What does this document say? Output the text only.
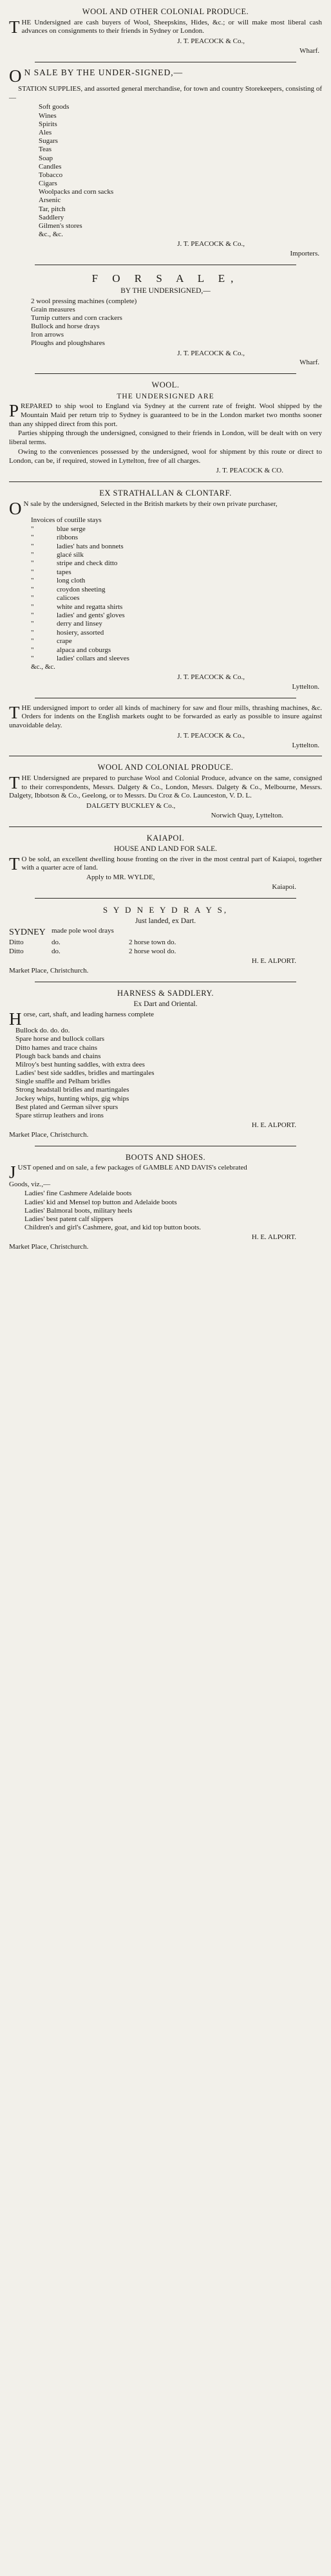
WOOL AND OTHER COLONIAL PRODUCE.

THE Undersigned are cash buyers of Wool, Sheepskins, Hides, &c.; or will make most liberal cash advances on consignments to their friends in Sydney or London.

J. T. PEACOCK & Co.,
Wharf.
O N SALE BY THE UNDER-SIGNED,—

STATION SUPPLIES, and assorted general merchandise, for town and country Storekeepers, consisting of—

Soft goods
Wines
Spirits
Ales
Sugars
Teas
Soap
Candles
Tobacco
Cigars
Woolpacks and corn sacks
Arsenic
Tar, pitch
Saddlery
Gilmen's stores
&c., &c.
J. T. PEACOCK & Co.,
Importers.
F O R S A L E,
BY THE UNDERSIGNED,—
2 wool pressing machines (complete)
Grain measures
Turnip cutters and corn crackers
Bullock and horse drays
Iron arrows
Ploughs and ploughshares
J. T. PEACOCK & Co.,
Wharf.
WOOL.
THE UNDERSIGNED ARE

PREPARED to ship wool to England via Sydney at the current rate of freight. Wool shipped by the Mountain Maid per return trip to Sydney is guaranteed to be in the London market two months sooner than any shipped direct from this port.

Parties shipping through the undersigned, consigned to their friends in London, will be dealt with on very liberal terms.

Owing to the conveniences possessed by the undersigned, wool for shipment by this route or direct to London, can be, if required, stowed in Lyttelton, free of all charges.

J. T. PEACOCK & CO.
EX STRATHALLAN & CLONTARF.

O N sale by the undersigned, Selected in the British markets by their own private purchaser,

Invoices of coutille stays
"	blue serge
"	ribbons
"	ladies' hats and bonnets
"	glacé silk
"	stripe and check ditto
"	tapes
"	long cloth
"	croydon sheeting
"	calicoes
"	white and regatta shirts
"	ladies' and gents' gloves
"	derry and linsey
"	hosiery, assorted
"	crape
"	alpaca and coburgs
"	ladies' collars and sleeves
&c., &c.
J. T. PEACOCK & Co.,
Lyttelton.

THE undersigned import to order all kinds of machinery for saw and flour mills, thrashing machines, &c. Orders for indents on the English markets ought to be forwarded as early as possible to insure against unavoidable delay.

J. T. PEACOCK & Co.,
Lyttelton.
WOOL AND COLONIAL PRODUCE.

THE Undersigned are prepared to purchase Wool and Colonial Produce, advance on the same, consigned to their correspondents, Messrs. Dalgety & Co., London, Messrs. Dalgety & Co., Melbourne, Messrs. Dalgety, Ibbotson & Co., Geelong, or to Messrs. Du Croz & Co. Launceston, V. D. L.

DALGETY BUCKLEY & Co.,
Norwich Quay, Lyttelton.
KAIAPOI.
HOUSE AND LAND FOR SALE.

T O be sold, an excellent dwelling house fronting on the river in the most central part of Kaiapoi, together with a quarter acre of land.

Apply to MR. WYLDE,
Kaiapoi.
S Y D N E Y D R A Y S,
Just landed, ex Dart.
SYDNEY made pole wool drays
Ditto	do.	2 horse town do.
Ditto	do.	2 horse wool do.
H. E. ALPORT.
Market Place, Christchurch.
HARNESS & SADDLERY.
Ex Dart and Oriental.

Horse, cart, shaft, and leading harness complete

Bullock do. do. do.
Spare horse and bullock collars
Ditto hames and trace chains
Plough back bands and chains
Milroy's best hunting saddles, with extra dees
Ladies' best side saddles, bridles and martingales
Single snaffle and Pelham bridles
Strong headstall bridles and martingales
Jockey whips, hunting whips, gig whips
Best plated and German silver spurs
Spare stirrup leathers and irons
H. E. ALPORT.
Market Place, Christchurch.
BOOTS AND SHOES.

JUST opened and on sale, a few packages of GAMBLE AND DAVIS's celebrated

Goods, viz.,—
Ladies' fine Cashmere Adelaide boots
Ladies' kid and Mensel top button and Adelaide boots
Ladies' Balmoral boots, military heels
Ladies' best patent calf slippers
Children's and girl's Cashmere, goat, and kid top button boots.
H. E. ALPORT.
Market Place, Christchurch.
